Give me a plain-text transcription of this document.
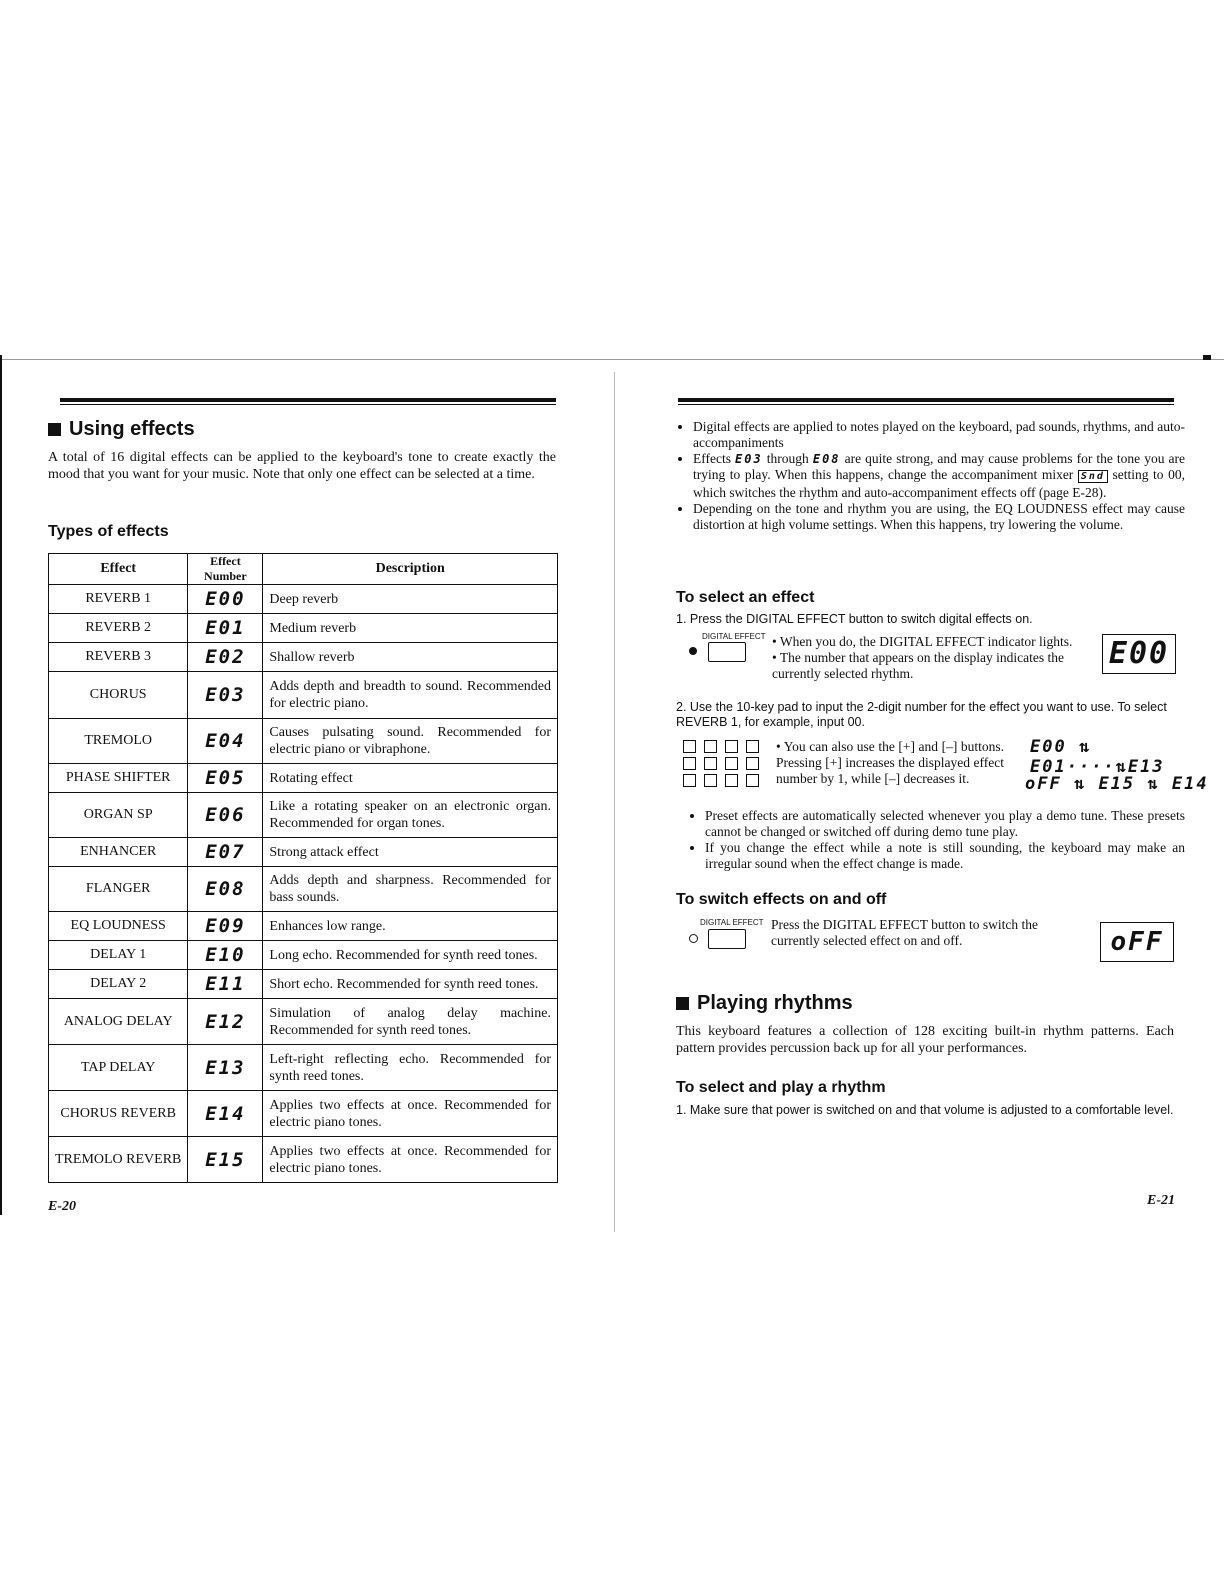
Using effects

A total of 16 digital effects can be applied to the keyboard's tone to create exactly the mood that you want for your music. Note that only one effect can be selected at a time.

Types of effects
Effect	Effect Number	Description
REVERB 1	E00	Deep reverb
REVERB 2	E01	Medium reverb
REVERB 3	E02	Shallow reverb
CHORUS	E03	Adds depth and breadth to sound. Recommended for electric piano.
TREMOLO	E04	Causes pulsating sound. Recommended for electric piano or vibraphone.
PHASE SHIFTER	E05	Rotating effect
ORGAN SP	E06	Like a rotating speaker on an electronic organ. Recommended for organ tones.
ENHANCER	E07	Strong attack effect
FLANGER	E08	Adds depth and sharpness. Recommended for bass sounds.
EQ LOUDNESS	E09	Enhances low range.
DELAY 1	E10	Long echo. Recommended for synth reed tones.
DELAY 2	E11	Short echo. Recommended for synth reed tones.
ANALOG DELAY	E12	Simulation of analog delay machine. Recommended for synth reed tones.
TAP DELAY	E13	Left-right reflecting echo. Recommended for synth reed tones.
CHORUS REVERB	E14	Applies two effects at once. Recommended for electric piano tones.
TREMOLO REVERB	E15	Applies two effects at once. Recommended for electric piano tones.
E-20
• Digital effects are applied to notes played on the keyboard, pad sounds, rhythms, and auto-accompaniments
• Effects E03 through E08 are quite strong, and may cause problems for the tone you are trying to play. When this happens, change the accompaniment mixer Snd setting to 00, which switches the rhythm and auto-accompaniment effects off (page E-28).
• Depending on the tone and rhythm you are using, the EQ LOUDNESS effect may cause distortion at high volume settings. When this happens, try lowering the volume.
To select an effect

1. Press the DIGITAL EFFECT button to switch digital effects on.

DIGITAL EFFECT • When you do, the DIGITAL EFFECT indicator lights.
• The number that appears on the display indicates the currently selected rhythm.
E00

2. Use the 10-key pad to input the 2-digit number for the effect you want to use. To select REVERB 1, for example, input 00.

• You can also use the [+] and [–] buttons. Pressing [+] increases the displayed effect number by 1, while [–] decreases it.

E00 ⇅ E01····⇅E13
oFF ⇅ E15 ⇅ E14
• Preset effects are automatically selected whenever you play a demo tune. These presets cannot be changed or switched off during demo tune play.
• If you change the effect while a note is still sounding, the keyboard may make an irregular sound when the effect change is made.
To switch effects on and off
DIGITAL EFFECT Press the DIGITAL EFFECT button to switch the currently selected effect on and off.	oFF
Playing rhythms

This keyboard features a collection of 128 exciting built-in rhythm patterns. Each pattern provides percussion back up for all your performances.

To select and play a rhythm

1. Make sure that power is switched on and that volume is adjusted to a comfortable level.

E-21
